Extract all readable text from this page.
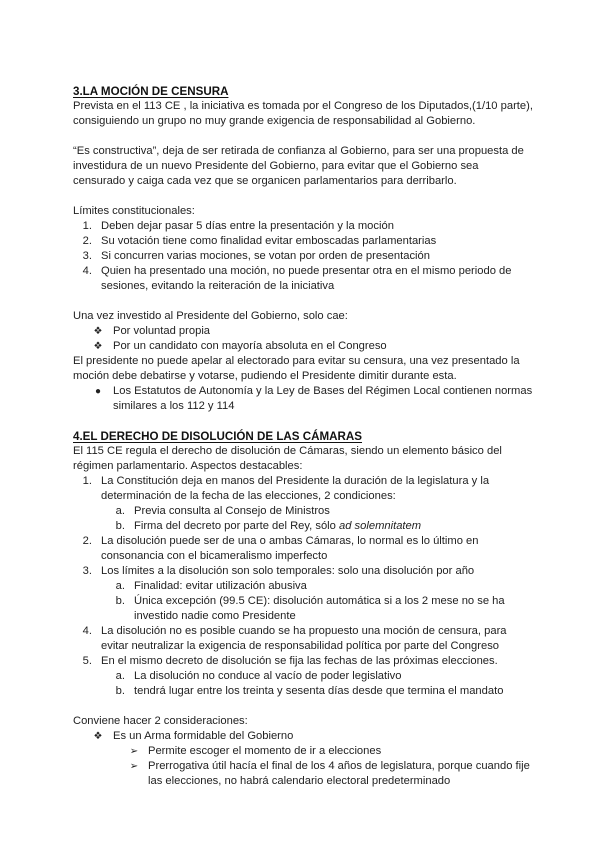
3.LA MOCIÓN DE CENSURA

Prevista en el 113 CE , la iniciativa es tomada por el Congreso de los Diputados,(1/10 parte), consiguiendo un grupo no muy grande exigencia de responsabilidad al Gobierno.

“Es constructiva”, deja de ser retirada de confianza al Gobierno, para ser una propuesta de investidura de un nuevo Presidente del Gobierno, para evitar que el Gobierno sea censurado y caiga cada vez que se organicen parlamentarios para derribarlo.

Límites constitucionales:

1. Deben dejar pasar 5 días entre la presentación y la moción
2. Su votación tiene como finalidad evitar emboscadas parlamentarias
3. Si concurren varias mociones, se votan por orden de presentación
4. Quien ha presentado una moción, no puede presentar otra en el mismo periodo de sesiones, evitando la reiteración de la iniciativa

Una vez investido al Presidente del Gobierno, solo cae:

❖ Por voluntad propia
❖ Por un candidato con mayoría absoluta en el Congreso

El presidente no puede apelar al electorado para evitar su censura, una vez presentado la moción debe debatirse y votarse, pudiendo el Presidente dimitir durante esta.

●	Los Estatutos de Autonomía y la Ley de Bases del Régimen Local contienen normas similares a los 112 y 114
4.EL DERECHO DE DISOLUCIÓN DE LAS CÁMARAS

El 115 CE regula el derecho de disolución de Cámaras, siendo un elemento básico del régimen parlamentario. Aspectos destacables:

1. La Constitución deja en manos del Presidente la duración de la legislatura y la determinación de la fecha de las elecciones, 2 condiciones:
a. Previa consulta al Consejo de Ministros
b. Firma del decreto por parte del Rey, sólo ad solemnitatem
2. La disolución puede ser de una o ambas Cámaras, lo normal es lo último en consonancia con el bicameralismo imperfecto
3. Los límites a la disolución son solo temporales: solo una disolución por año
a. Finalidad: evitar utilización abusiva
b. Única excepción (99.5 CE): disolución automática si a los 2 mese no se ha investido nadie como Presidente
4. La disolución no es posible cuando se ha propuesto una moción de censura, para evitar neutralizar la exigencia de responsabilidad política por parte del Congreso
5. En el mismo decreto de disolución se fija las fechas de las próximas elecciones.
a. La disolución no conduce al vacío de poder legislativo
b. tendrá lugar entre los treinta y sesenta días desde que termina el mandato

Conviene hacer 2 consideraciones:

❖ Es un Arma formidable del Gobierno
➢ Permite escoger el momento de ir a elecciones
➢ Prerrogativa útil hacía el final de los 4 años de legislatura, porque cuando fije las elecciones, no habrá calendario electoral predeterminado
